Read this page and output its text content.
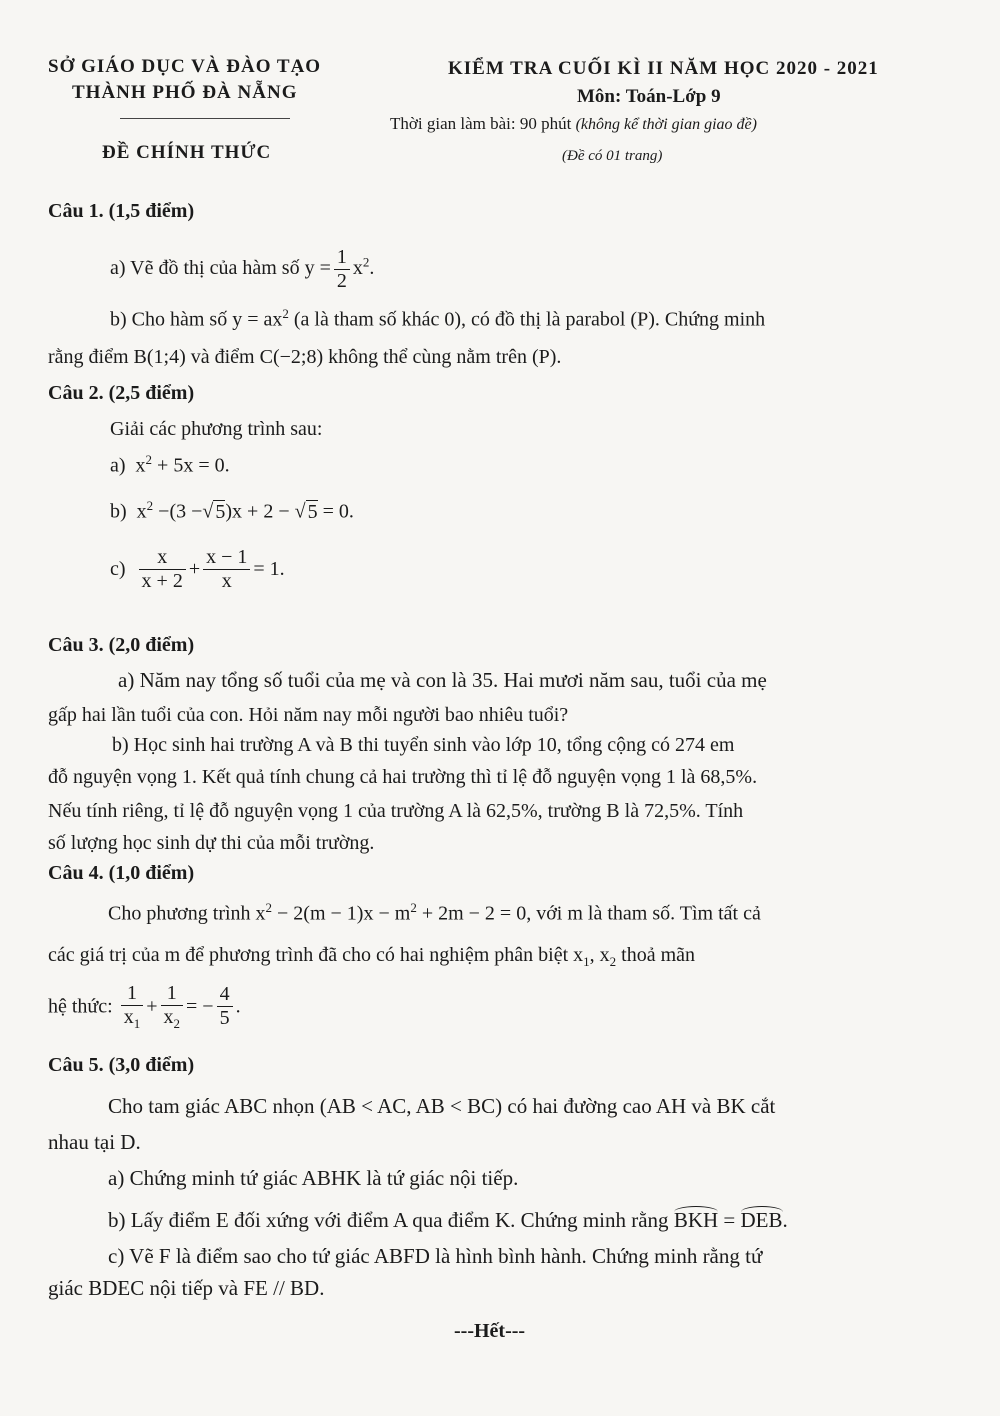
SỞ GIÁO DỤC VÀ ĐÀO TẠO
THÀNH PHỐ ĐÀ NẴNG
ĐỀ CHÍNH THỨC
KIỂM TRA CUỐI KÌ II NĂM HỌC 2020 - 2021
Môn: Toán-Lớp 9
Thời gian làm bài: 90 phút (không kể thời gian giao đề)
(Đề có 01 trang)
Câu 1. (1,5 điểm)
a) Vẽ đồ thị của hàm số $y = \frac{1}{2} x^2$.
b) Cho hàm số $y = ax^2$ (a là tham số khác 0), có đồ thị là parabol (P). Chứng minh
rằng điểm B(1;4) và điểm C(−2;8) không thể cùng nằm trên (P).
Câu 2. (2,5 điểm)
Giải các phương trình sau:
a) $x^2 + 5x = 0$.
b) $x^2 -(3$ −√ 5)x + 2 − √ 5 = 0.
$c) \frac{x}{x + 2} + \frac{x - 1}{x} = 1$.
Câu 3. (2,0 điểm)
a) Năm nay tổng số tuổi của mẹ và con là 35. Hai mươi năm sau, tuổi của mẹ
gấp hai lần tuổi của con. Hỏi năm nay mỗi người bao nhiêu tuổi?
b) Học sinh hai trường A và B thi tuyển sinh vào lớp 10, tổng cộng có 274 em
đỗ nguyện vọng 1. Kết quả tính chung cả hai trường thì tỉ lệ đỗ nguyện vọng 1 là 68,5%.
Nếu tính riêng, tỉ lệ đỗ nguyện vọng 1 của trường A là 62,5%, trường B là 72,5%. Tính
số lượng học sinh dự thi của mỗi trường.
Câu 4. (1,0 điểm)
Cho phương trình $x^2 - 2(m - 1)x - m^2 + 2m - 2 = 0$, với m là tham số. Tìm tất cả
các giá trị của m để phương trình đã cho có hai nghiệm phân biệt $x_1$, $x_2$ thoả mãn
hệ thức: $\frac{1}{x_1} + \frac{1}{x_2}$ = − $\frac{4}{5}$ .
Câu 5. (3,0 điểm)
Cho tam giác ABC nhọn (AB < AC, AB < BC) có hai đường cao AH và BK cắt
nhau tại D.
a) Chứng minh tứ giác ABHK là tứ giác nội tiếp.
b) Lấy điểm E đối xứng với điểm A qua điểm K. Chứng minh rằng BKH = DEB.
c) Vẽ F là điểm sao cho tứ giác ABFD là hình bình hành. Chứng minh rằng tứ
giác BDEC nội tiếp và FE // BD.
---Hết---
